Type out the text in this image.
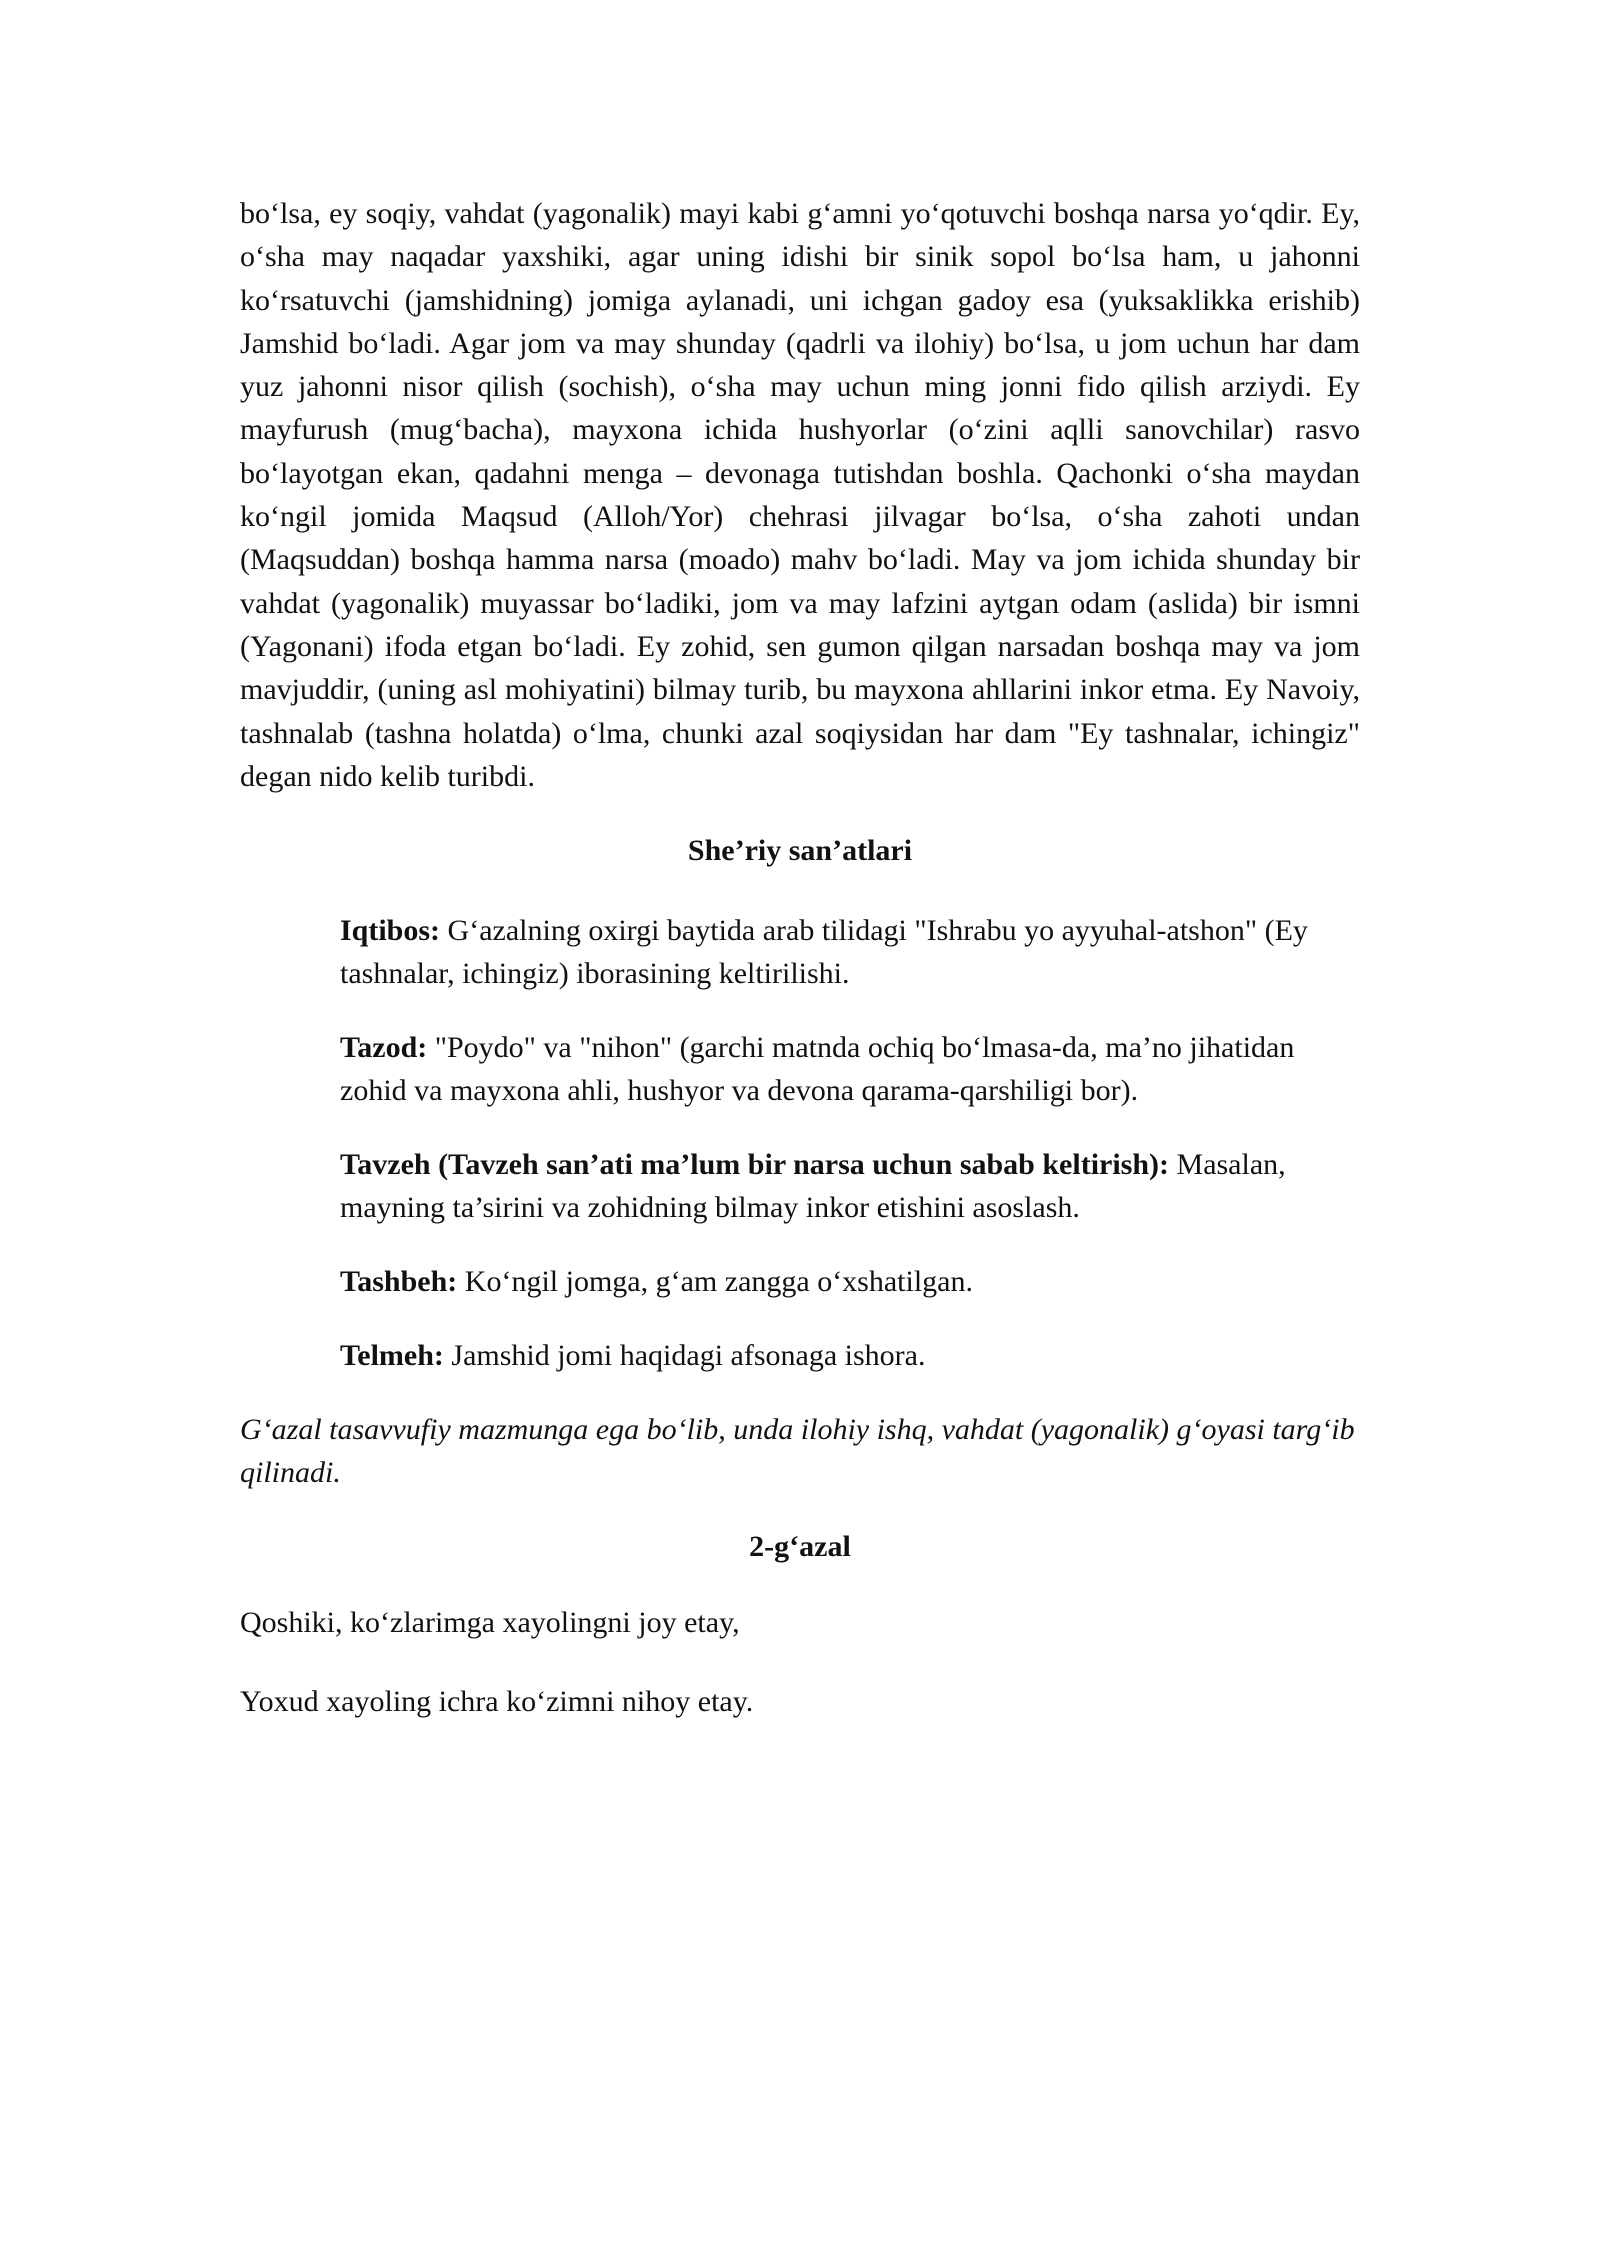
bo‘lsa, ey soqiy, vahdat (yagonalik) mayi kabi g‘amni yo‘qotuvchi boshqa narsa yo‘qdir. Ey, o‘sha may naqadar yaxshiki, agar uning idishi bir sinik sopol bo‘lsa ham, u jahonni ko‘rsatuvchi (jamshidning) jomiga aylanadi, uni ichgan gadoy esa (yuksaklikka erishib) Jamshid bo‘ladi. Agar jom va may shunday (qadrli va ilohiy) bo‘lsa, u jom uchun har dam yuz jahonni nisor qilish (sochish), o‘sha may uchun ming jonni fido qilish arziydi. Ey mayfurush (mug‘bacha), mayxona ichida hushyorlar (o‘zini aqlli sanovchilar) rasvo bo‘layotgan ekan, qadahni menga – devonaga tutishdan boshla. Qachonki o‘sha maydan ko‘ngil jomida Maqsud (Alloh/Yor) chehrasi jilvagar bo‘lsa, o‘sha zahoti undan (Maqsuddan) boshqa hamma narsa (moado) mahv bo‘ladi. May va jom ichida shunday bir vahdat (yagonalik) muyassar bo‘ladiki, jom va may lafzini aytgan odam (aslida) bir ismni (Yagonani) ifoda etgan bo‘ladi. Ey zohid, sen gumon qilgan narsadan boshqa may va jom mavjuddir, (uning asl mohiyatini) bilmay turib, bu mayxona ahllarini inkor etma. Ey Navoiy, tashnalab (tashna holatda) o‘lma, chunki azal soqiysidan har dam "Ey tashnalar, ichingiz" degan nido kelib turibdi.

She’riy san’atlari

Iqtibos: G‘azalning oxirgi baytida arab tilidagi "Ishrabu yo ayyuhal-atshon" (Ey tashnalar, ichingiz) iborasining keltirilishi.

Tazod: "Poydo" va "nihon" (garchi matnda ochiq bo‘lmasa-da, ma’no jihatidan zohid va mayxona ahli, hushyor va devona qarama-qarshiligi bor).

Tavzeh (Tavzeh san’ati ma’lum bir narsa uchun sabab keltirish): Masalan, mayning ta’sirini va zohidning bilmay inkor etishini asoslash.

Tashbeh: Ko‘ngil jomga, g‘am zangga o‘xshatilgan.

Telmeh: Jamshid jomi haqidagi afsonaga ishora.

G‘azal tasavvufiy mazmunga ega bo‘lib, unda ilohiy ishq, vahdat (yagonalik) g‘oyasi targ‘ib qilinadi.

2-g‘azal

Qoshiki, ko‘zlarimga xayolingni joy etay,

Yoxud xayoling ichra ko‘zimni nihoy etay.
